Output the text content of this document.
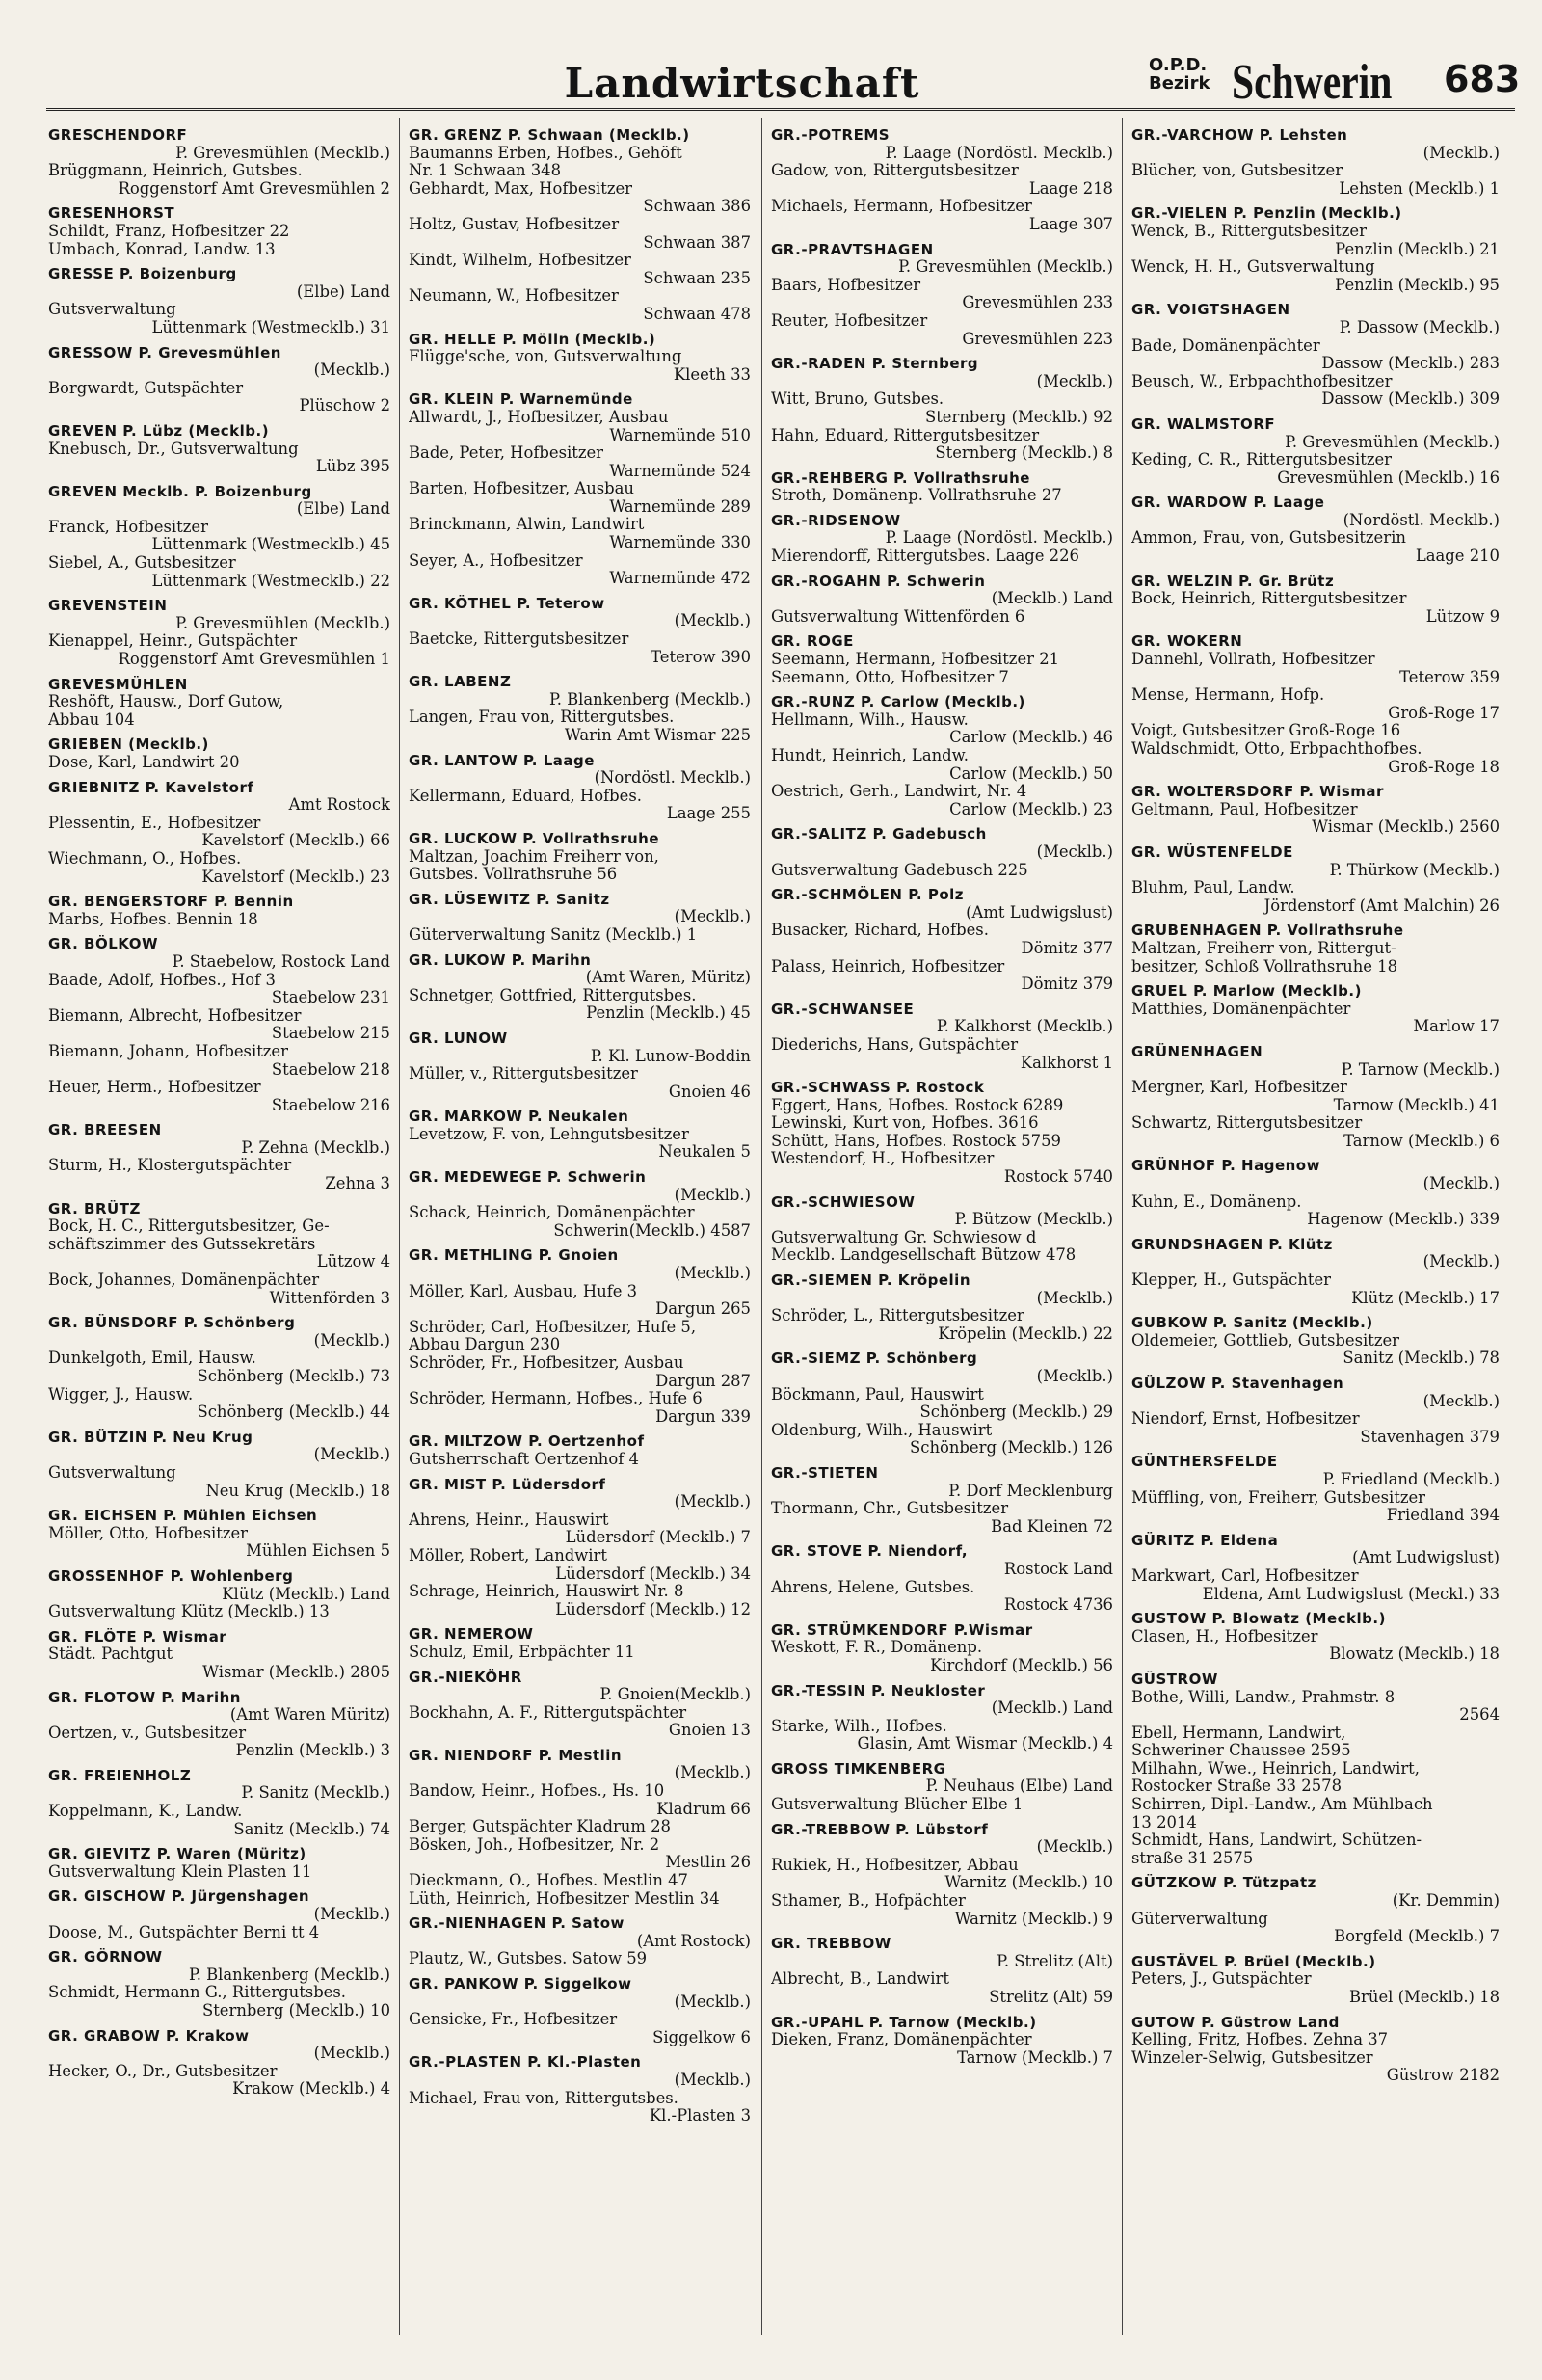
Landwirtschaft	O.P.D.
Bezirk Schwerin 683
GRESCHENDORF
P. Grevesmühlen (Mecklb.)
Brüggmann, Heinrich, Gutsbes.
Roggenstorf Amt Grevesmühlen 2
GRESENHORST
Schildt, Franz, Hofbesitzer 22
Umbach, Konrad, Landw. 13
GRESSE P. Boizenburg
(Elbe) Land
Gutsverwaltung
Lüttenmark (Westmecklb.) 31
GRESSOW P. Grevesmühlen
(Mecklb.)
Borgwardt, Gutspächter
Plüschow 2
GREVEN P. Lübz (Mecklb.)
Knebusch, Dr., Gutsverwaltung
Lübz 395
GREVEN Mecklb. P. Boizenburg
(Elbe) Land
Franck, Hofbesitzer
Lüttenmark (Westmecklb.) 45
Siebel, A., Gutsbesitzer
Lüttenmark (Westmecklb.) 22
GREVENSTEIN
P. Grevesmühlen (Mecklb.)
Kienappel, Heinr., Gutspächter
Roggenstorf Amt Grevesmühlen 1
GREVESMÜHLEN
Reshöft, Hausw., Dorf Gutow,
Abbau 104
GRIEBEN (Mecklb.)
Dose, Karl, Landwirt 20
GRIEBNITZ P. Kavelstorf
Amt Rostock
Plessentin, E., Hofbesitzer
Kavelstorf (Mecklb.) 66
Wiechmann, O., Hofbes.
Kavelstorf (Mecklb.) 23
GR. BENGERSTORF P. Bennin
Marbs, Hofbes. Bennin 18
GR. BÖLKOW
P. Staebelow, Rostock Land
Baade, Adolf, Hofbes., Hof 3
Staebelow 231
Biemann, Albrecht, Hofbesitzer
Staebelow 215
Biemann, Johann, Hofbesitzer
Staebelow 218
Heuer, Herm., Hofbesitzer
Staebelow 216
GR. BREESEN
P. Zehna (Mecklb.)
Sturm, H., Klostergutspächter
Zehna 3
GR. BRÜTZ
Bock, H. C., Rittergutsbesitzer, Ge-
schäftszimmer des Gutssekretärs
Lützow 4
Bock, Johannes, Domänenpächter
Wittenförden 3
GR. BÜNSDORF P. Schönberg
(Mecklb.)
Dunkelgoth, Emil, Hausw.
Schönberg (Mecklb.) 73
Wigger, J., Hausw.
Schönberg (Mecklb.) 44
GR. BÜTZIN P. Neu Krug
(Mecklb.)
Gutsverwaltung
Neu Krug (Mecklb.) 18
GR. EICHSEN P. Mühlen Eichsen
Möller, Otto, Hofbesitzer
Mühlen Eichsen 5
GROSSENHOF P. Wohlenberg
Klütz (Mecklb.) Land
Gutsverwaltung Klütz (Mecklb.) 13
GR. FLÖTE P. Wismar
Städt. Pachtgut
Wismar (Mecklb.) 2805
GR. FLOTOW P. Marihn
(Amt Waren Müritz)
Oertzen, v., Gutsbesitzer
Penzlin (Mecklb.) 3
GR. FREIENHOLZ
P. Sanitz (Mecklb.)
Koppelmann, K., Landw.
Sanitz (Mecklb.) 74
GR. GIEVITZ P. Waren (Müritz)
Gutsverwaltung Klein Plasten 11
GR. GISCHOW P. Jürgenshagen
(Mecklb.)
Doose, M., Gutspächter Berni tt 4
GR. GÖRNOW
P. Blankenberg (Mecklb.)
Schmidt, Hermann G., Rittergutsbes.
Sternberg (Mecklb.) 10
GR. GRABOW P. Krakow
(Mecklb.)
Hecker, O., Dr., Gutsbesitzer
Krakow (Mecklb.) 4
GR. GRENZ P. Schwaan (Mecklb.)
Baumanns Erben, Hofbes., Gehöft
Nr. 1 Schwaan 348
Gebhardt, Max, Hofbesitzer
Schwaan 386
Holtz, Gustav, Hofbesitzer
Schwaan 387
Kindt, Wilhelm, Hofbesitzer
Schwaan 235
Neumann, W., Hofbesitzer
Schwaan 478
GR. HELLE P. Mölln (Mecklb.)
Flügge'sche, von, Gutsverwaltung
Kleeth 33
GR. KLEIN P. Warnemünde
Allwardt, J., Hofbesitzer, Ausbau
Warnemünde 510
Bade, Peter, Hofbesitzer
Warnemünde 524
Barten, Hofbesitzer, Ausbau
Warnemünde 289
Brinckmann, Alwin, Landwirt
Warnemünde 330
Seyer, A., Hofbesitzer
Warnemünde 472
GR. KÖTHEL P. Teterow
(Mecklb.)
Baetcke, Rittergutsbesitzer
Teterow 390
GR. LABENZ
P. Blankenberg (Mecklb.)
Langen, Frau von, Rittergutsbes.
Warin Amt Wismar 225
GR. LANTOW P. Laage
(Nordöstl. Mecklb.)
Kellermann, Eduard, Hofbes.
Laage 255
GR. LUCKOW P. Vollrathsruhe
Maltzan, Joachim Freiherr von,
Gutsbes. Vollrathsruhe 56
GR. LÜSEWITZ P. Sanitz
(Mecklb.)
Güterverwaltung Sanitz (Mecklb.) 1
GR. LUKOW P. Marihn
(Amt Waren, Müritz)
Schnetger, Gottfried, Rittergutsbes.
Penzlin (Mecklb.) 45
GR. LUNOW
P. Kl. Lunow-Boddin
Müller, v., Rittergutsbesitzer
Gnoien 46
GR. MARKOW P. Neukalen
Levetzow, F. von, Lehngutsbesitzer
Neukalen 5
GR. MEDEWEGE P. Schwerin
(Mecklb.)
Schack, Heinrich, Domänenpächter
Schwerin(Mecklb.) 4587
GR. METHLING P. Gnoien
(Mecklb.)
Möller, Karl, Ausbau, Hufe 3
Dargun 265
Schröder, Carl, Hofbesitzer, Hufe 5,
Abbau Dargun 230
Schröder, Fr., Hofbesitzer, Ausbau
Dargun 287
Schröder, Hermann, Hofbes., Hufe 6
Dargun 339
GR. MILTZOW P. Oertzenhof
Gutsherrschaft Oertzenhof 4
GR. MIST P. Lüdersdorf
(Mecklb.)
Ahrens, Heinr., Hauswirt
Lüdersdorf (Mecklb.) 7
Möller, Robert, Landwirt
Lüdersdorf (Mecklb.) 34
Schrage, Heinrich, Hauswirt Nr. 8
Lüdersdorf (Mecklb.) 12
GR. NEMEROW
Schulz, Emil, Erbpächter 11
GR.-NIEKÖHR
P. Gnoien(Mecklb.)
Bockhahn, A. F., Rittergutspächter
Gnoien 13
GR. NIENDORF P. Mestlin
(Mecklb.)
Bandow, Heinr., Hofbes., Hs. 10
Kladrum 66
Berger, Gutspächter Kladrum 28
Bösken, Joh., Hofbesitzer, Nr. 2
Mestlin 26
Dieckmann, O., Hofbes. Mestlin 47
Lüth, Heinrich, Hofbesitzer Mestlin 34
GR.-NIENHAGEN P. Satow
(Amt Rostock)
Plautz, W., Gutsbes. Satow 59
GR. PANKOW P. Siggelkow
(Mecklb.)
Gensicke, Fr., Hofbesitzer
Siggelkow 6
GR.-PLASTEN P. Kl.-Plasten
(Mecklb.)
Michael, Frau von, Rittergutsbes.
Kl.-Plasten 3
GR.-POTREMS
P. Laage (Nordöstl. Mecklb.)
Gadow, von, Rittergutsbesitzer
Laage 218
Michaels, Hermann, Hofbesitzer
Laage 307
GR.-PRAVTSHAGEN
P. Grevesmühlen (Mecklb.)
Baars, Hofbesitzer
Grevesmühlen 233
Reuter, Hofbesitzer
Grevesmühlen 223
GR.-RADEN P. Sternberg
(Mecklb.)
Witt, Bruno, Gutsbes.
Sternberg (Mecklb.) 92
Hahn, Eduard, Rittergutsbesitzer
Sternberg (Mecklb.) 8
GR.-REHBERG P. Vollrathsruhe
Stroth, Domänenp. Vollrathsruhe 27
GR.-RIDSENOW
P. Laage (Nordöstl. Mecklb.)
Mierendorff, Rittergutsbes. Laage 226
GR.-ROGAHN P. Schwerin
(Mecklb.) Land
Gutsverwaltung Wittenförden 6
GR. ROGE
Seemann, Hermann, Hofbesitzer 21
Seemann, Otto, Hofbesitzer 7
GR.-RUNZ P. Carlow (Mecklb.)
Hellmann, Wilh., Hausw.
Carlow (Mecklb.) 46
Hundt, Heinrich, Landw.
Carlow (Mecklb.) 50
Oestrich, Gerh., Landwirt, Nr. 4
Carlow (Mecklb.) 23
GR.-SALITZ P. Gadebusch
(Mecklb.)
Gutsverwaltung Gadebusch 225
GR.-SCHMÖLEN P. Polz
(Amt Ludwigslust)
Busacker, Richard, Hofbes.
Dömitz 377
Palass, Heinrich, Hofbesitzer
Dömitz 379
GR.-SCHWANSEE
P. Kalkhorst (Mecklb.)
Diederichs, Hans, Gutspächter
Kalkhorst 1
GR.-SCHWASS P. Rostock
Eggert, Hans, Hofbes. Rostock 6289
Lewinski, Kurt von, Hofbes. 3616
Schütt, Hans, Hofbes. Rostock 5759
Westendorf, H., Hofbesitzer
Rostock 5740
GR.-SCHWIESOW
P. Bützow (Mecklb.)
Gutsverwaltung Gr. Schwiesow d
Mecklb. Landgesellschaft Bützow 478
GR.-SIEMEN P. Kröpelin
(Mecklb.)
Schröder, L., Rittergutsbesitzer
Kröpelin (Mecklb.) 22
GR.-SIEMZ P. Schönberg
(Mecklb.)
Böckmann, Paul, Hauswirt
Schönberg (Mecklb.) 29
Oldenburg, Wilh., Hauswirt
Schönberg (Mecklb.) 126
GR.-STIETEN
P. Dorf Mecklenburg
Thormann, Chr., Gutsbesitzer
Bad Kleinen 72
GR. STOVE P. Niendorf,
Rostock Land
Ahrens, Helene, Gutsbes.
Rostock 4736
GR. STRÜMKENDORF P.Wismar
Weskott, F. R., Domänenp.
Kirchdorf (Mecklb.) 56
GR.-TESSIN P. Neukloster
(Mecklb.) Land
Starke, Wilh., Hofbes.
Glasin, Amt Wismar (Mecklb.) 4
GROSS TIMKENBERG
P. Neuhaus (Elbe) Land
Gutsverwaltung Blücher Elbe 1
GR.-TREBBOW P. Lübstorf
(Mecklb.)
Rukiek, H., Hofbesitzer, Abbau
Warnitz (Mecklb.) 10
Sthamer, B., Hofpächter
Warnitz (Mecklb.) 9
GR. TREBBOW
P. Strelitz (Alt)
Albrecht, B., Landwirt
Strelitz (Alt) 59
GR.-UPAHL P. Tarnow (Mecklb.)
Dieken, Franz, Domänenpächter
Tarnow (Mecklb.) 7
GR.-VARCHOW P. Lehsten
(Mecklb.)
Blücher, von, Gutsbesitzer
Lehsten (Mecklb.) 1
GR.-VIELEN P. Penzlin (Mecklb.)
Wenck, B., Rittergutsbesitzer
Penzlin (Mecklb.) 21
Wenck, H. H., Gutsverwaltung
Penzlin (Mecklb.) 95
GR. VOIGTSHAGEN
P. Dassow (Mecklb.)
Bade, Domänenpächter
Dassow (Mecklb.) 283
Beusch, W., Erbpachthofbesitzer
Dassow (Mecklb.) 309
GR. WALMSTORF
P. Grevesmühlen (Mecklb.)
Keding, C. R., Rittergutsbesitzer
Grevesmühlen (Mecklb.) 16
GR. WARDOW P. Laage
(Nordöstl. Mecklb.)
Ammon, Frau, von, Gutsbesitzerin
Laage 210
GR. WELZIN P. Gr. Brütz
Bock, Heinrich, Rittergutsbesitzer
Lützow 9
GR. WOKERN
Dannehl, Vollrath, Hofbesitzer
Teterow 359
Mense, Hermann, Hofp.
Groß-Roge 17
Voigt, Gutsbesitzer Groß-Roge 16
Waldschmidt, Otto, Erbpachthofbes.
Groß-Roge 18
GR. WOLTERSDORF P. Wismar
Geltmann, Paul, Hofbesitzer
Wismar (Mecklb.) 2560
GR. WÜSTENFELDE
P. Thürkow (Mecklb.)
Bluhm, Paul, Landw.
Jördenstorf (Amt Malchin) 26
GRUBENHAGEN P. Vollrathsruhe
Maltzan, Freiherr von, Rittergut-
besitzer, Schloß Vollrathsruhe 18
GRUEL P. Marlow (Mecklb.)
Matthies, Domänenpächter
Marlow 17
GRÜNENHAGEN
P. Tarnow (Mecklb.)
Mergner, Karl, Hofbesitzer
Tarnow (Mecklb.) 41
Schwartz, Rittergutsbesitzer
Tarnow (Mecklb.) 6
GRÜNHOF P. Hagenow
(Mecklb.)
Kuhn, E., Domänenp.
Hagenow (Mecklb.) 339
GRUNDSHAGEN P. Klütz
(Mecklb.)
Klepper, H., Gutspächter
Klütz (Mecklb.) 17
GUBKOW P. Sanitz (Mecklb.)
Oldemeier, Gottlieb, Gutsbesitzer
Sanitz (Mecklb.) 78
GÜLZOW P. Stavenhagen
(Mecklb.)
Niendorf, Ernst, Hofbesitzer
Stavenhagen 379
GÜNTHERSFELDE
P. Friedland (Mecklb.)
Müffling, von, Freiherr, Gutsbesitzer
Friedland 394
GÜRITZ P. Eldena
(Amt Ludwigslust)
Markwart, Carl, Hofbesitzer
Eldena, Amt Ludwigslust (Meckl.) 33
GUSTOW P. Blowatz (Mecklb.)
Clasen, H., Hofbesitzer
Blowatz (Mecklb.) 18
GÜSTROW
Bothe, Willi, Landw., Prahmstr. 8
2564
Ebell, Hermann, Landwirt,
Schweriner Chaussee 2595
Milhahn, Wwe., Heinrich, Landwirt,
Rostocker Straße 33 2578
Schirren, Dipl.-Landw., Am Mühlbach
13 2014
Schmidt, Hans, Landwirt, Schützen-
straße 31 2575
GÜTZKOW P. Tützpatz
(Kr. Demmin)
Güterverwaltung
Borgfeld (Mecklb.) 7
GUSTÄVEL P. Brüel (Mecklb.)
Peters, J., Gutspächter
Brüel (Mecklb.) 18
GUTOW P. Güstrow Land
Kelling, Fritz, Hofbes. Zehna 37
Winzeler-Selwig, Gutsbesitzer
Güstrow 2182
